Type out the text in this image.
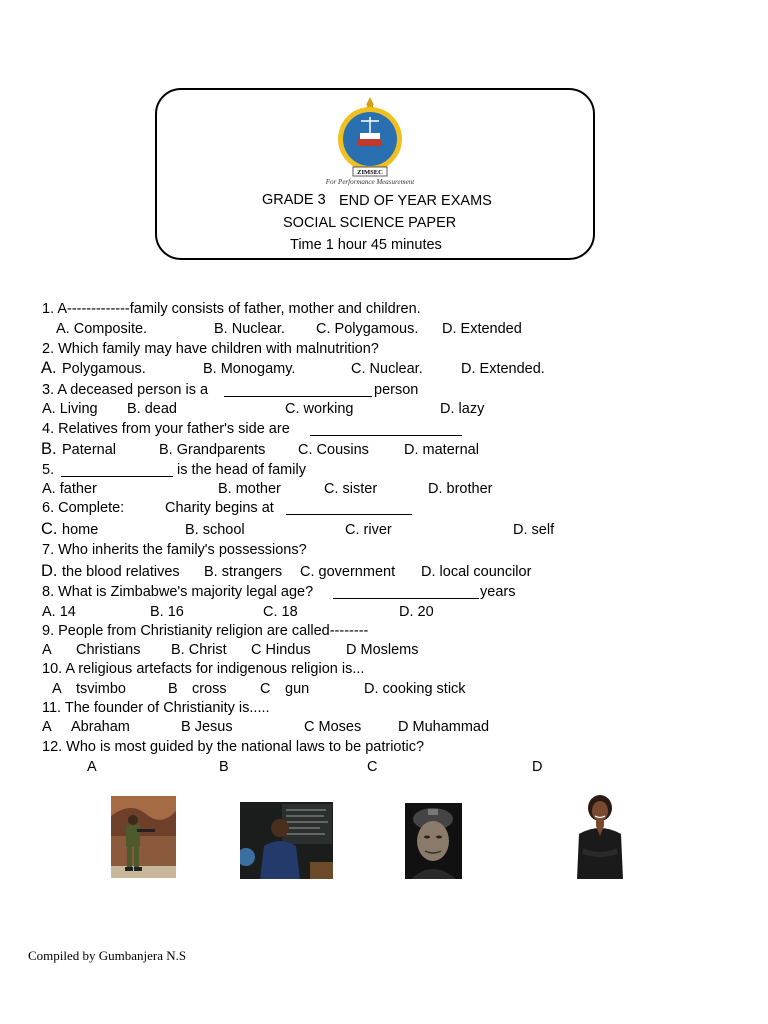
ZIMSEC
For Performance Measurement
GRADE 3 END OF YEAR EXAMS
SOCIAL SCIENCE PAPER
Time 1 hour 45 minutes
1. A-------------family consists of father, mother and children.
A. Composite.	B. Nuclear. C. Polygamous. D. Extended
2. Which family may have children with malnutrition?
A. Polygamous.	B. Monogamy.	C. Nuclear.	D. Extended.
3. A deceased person is a	person
A. Living B. dead	C. working	D. lazy
4. Relatives from your father's side are
B. Paternal	B. Grandparents C. Cousins D. maternal
5.	is the head of family
A. father	B. mother	C. sister	D. brother
6. Complete:	Charity begins at
C. home	B. school	C. river	D. self
7. Who inherits the family's possessions?
D. the blood relatives B. strangers C. government D. local councilor
8. What is Zimbabwe's majority legal age?	years
A. 14	B. 16	C. 18	D. 20
9. People from Christianity religion are called--------
A Christians B. Christ C Hindus D Moslems
10. A religious artefacts for indigenous religion is...
A tsvimbo	B cross C gun	D. cooking stick
11. The founder of Christianity is.....
A Abraham	B Jesus	C Moses	D Muhammad
12. Who is most guided by the national laws to be patriotic?
A	B	C	D
Compiled by Gumbanjera N.S
